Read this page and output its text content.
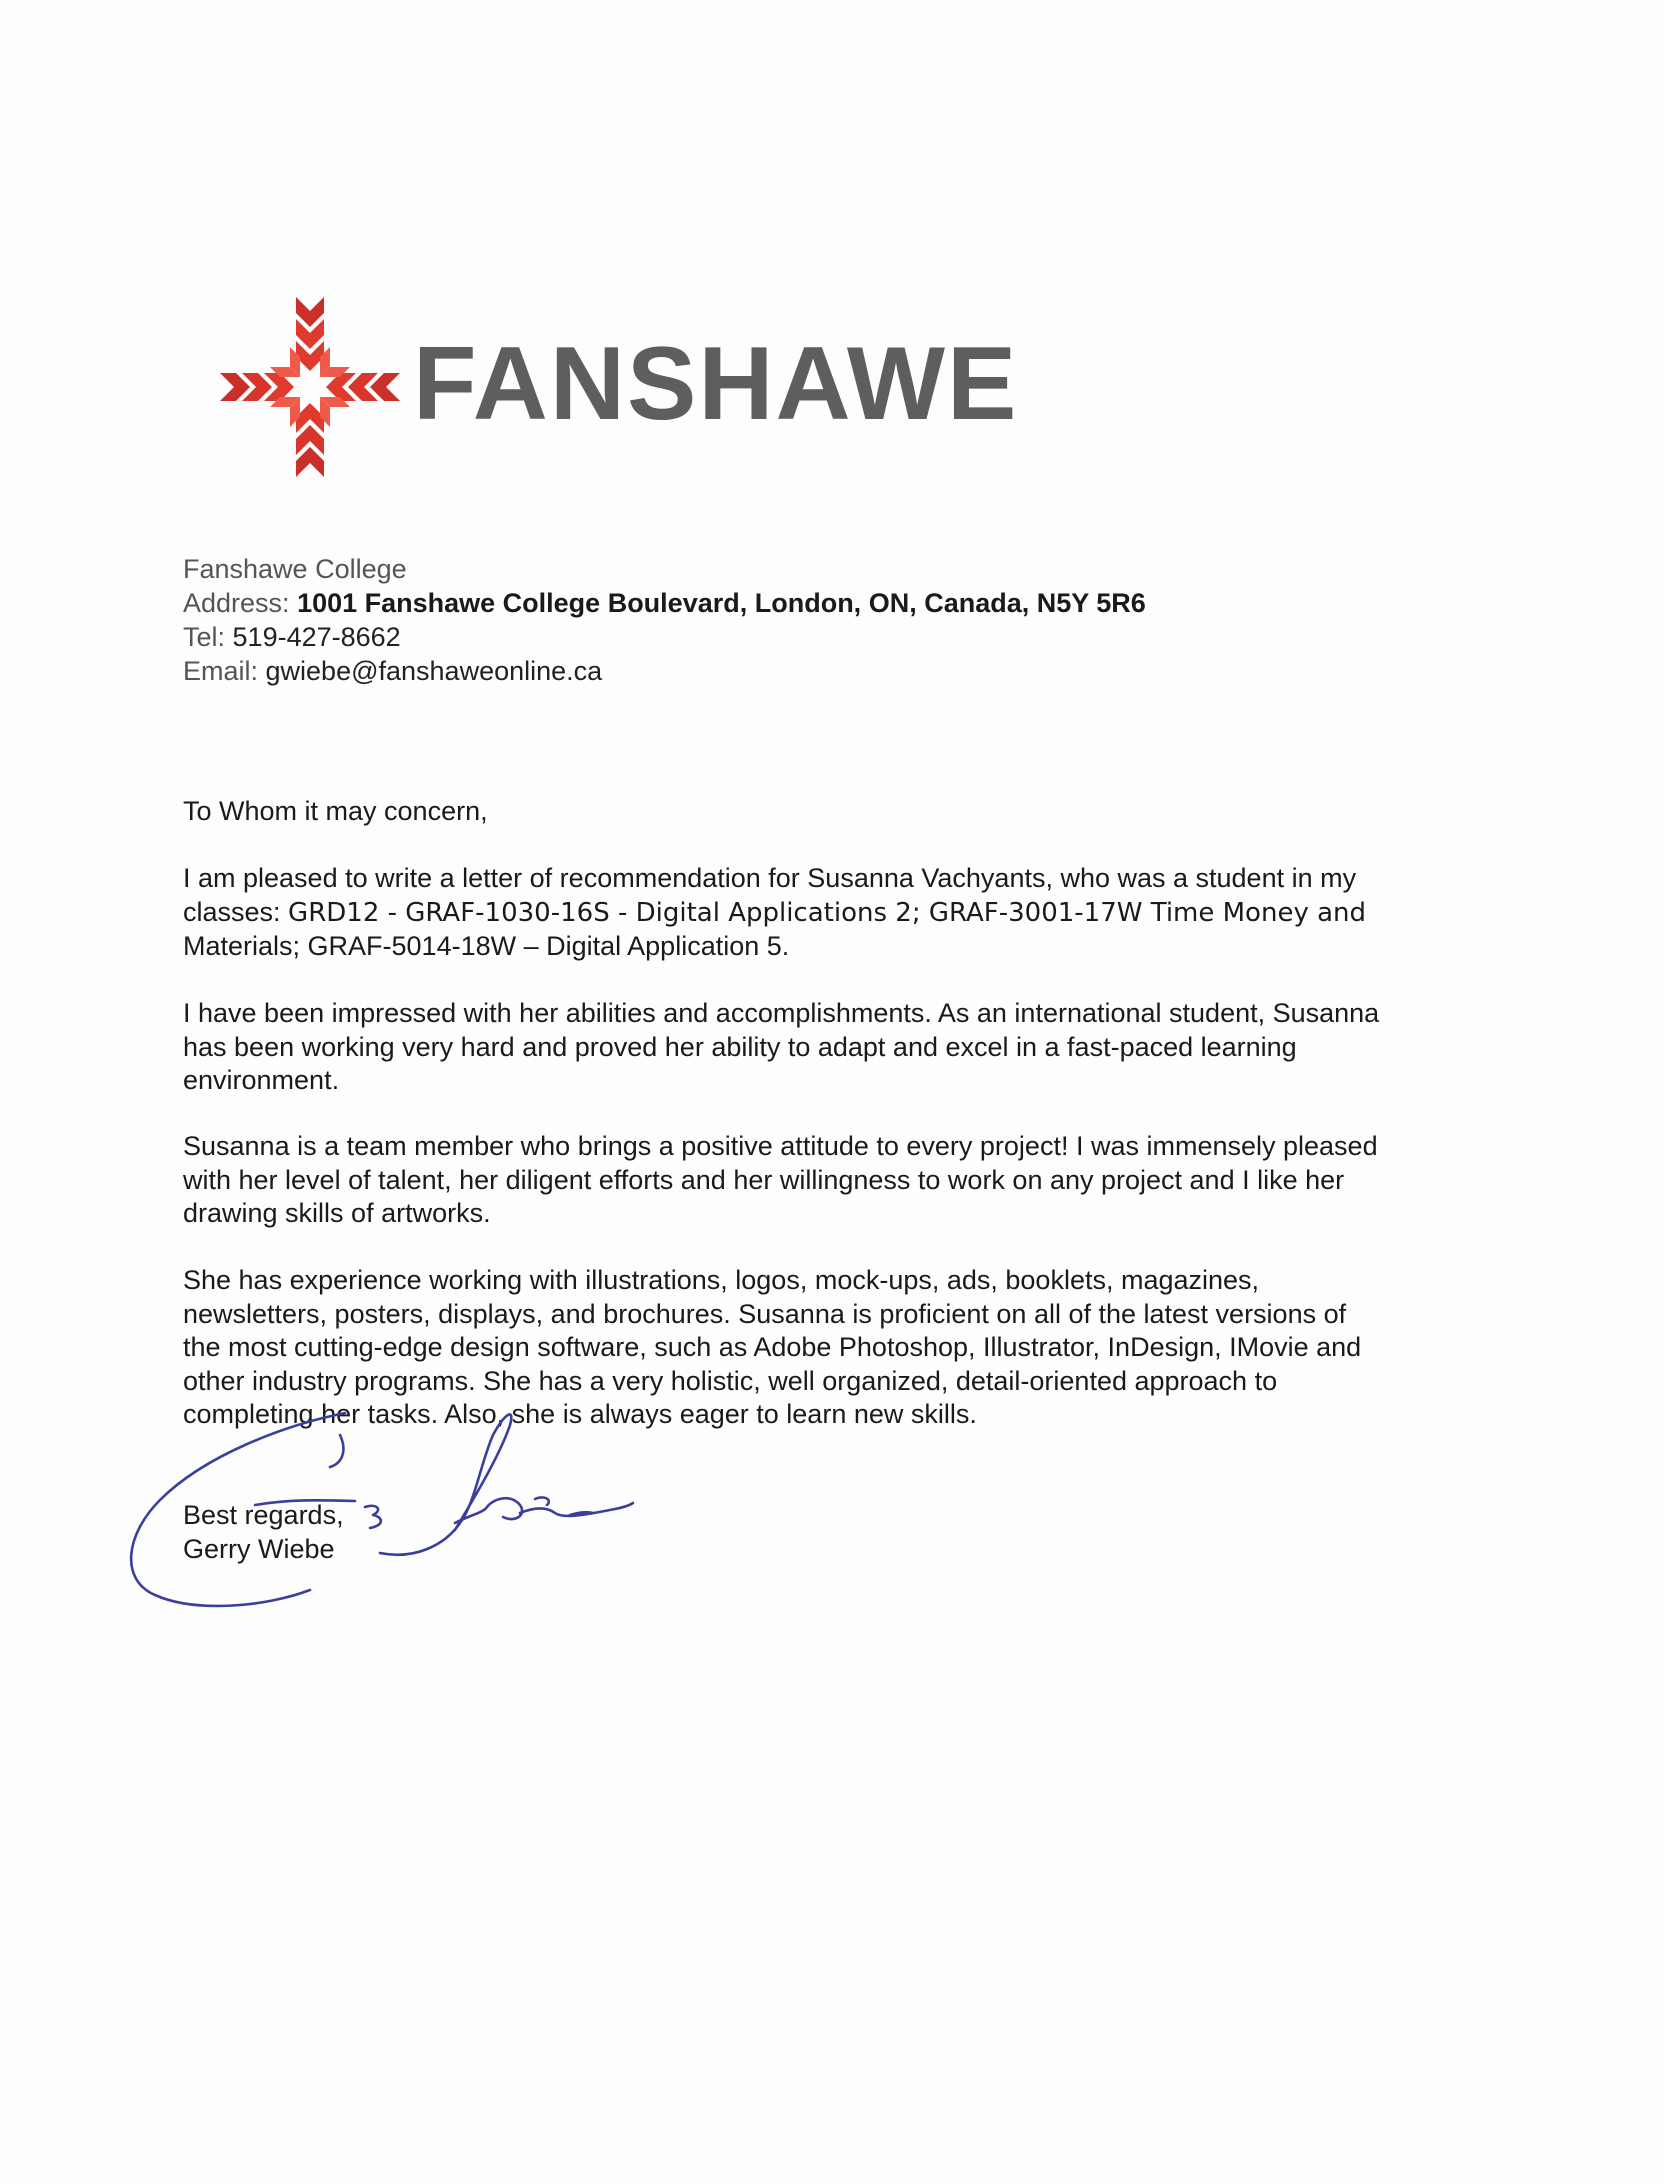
FANSHAWE
Fanshawe College
Address: 1001 Fanshawe College Boulevard, London, ON, Canada, N5Y 5R6
Tel: 519-427-8662
Email: gwiebe@fanshaweonline.ca
To Whom it may concern,
I am pleased to write a letter of recommendation for Susanna Vachyants, who was a student in my
classes: GRD12 - GRAF-1030-16S - Digital Applications 2; GRAF-3001-17W Time Money and
Materials; GRAF-5014-18W – Digital Application 5.
I have been impressed with her abilities and accomplishments. As an international student, Susanna
has been working very hard and proved her ability to adapt and excel in a fast-paced learning
environment.
Susanna is a team member who brings a positive attitude to every project! I was immensely pleased
with her level of talent, her diligent efforts and her willingness to work on any project and I like her
drawing skills of artworks.
She has experience working with illustrations, logos, mock-ups, ads, booklets, magazines,
newsletters, posters, displays, and brochures. Susanna is proficient on all of the latest versions of
the most cutting-edge design software, such as Adobe Photoshop, Illustrator, InDesign, IMovie and
other industry programs. She has a very holistic, well organized, detail-oriented approach to
completing her tasks. Also, she is always eager to learn new skills.
Best regards,
Gerry Wiebe
